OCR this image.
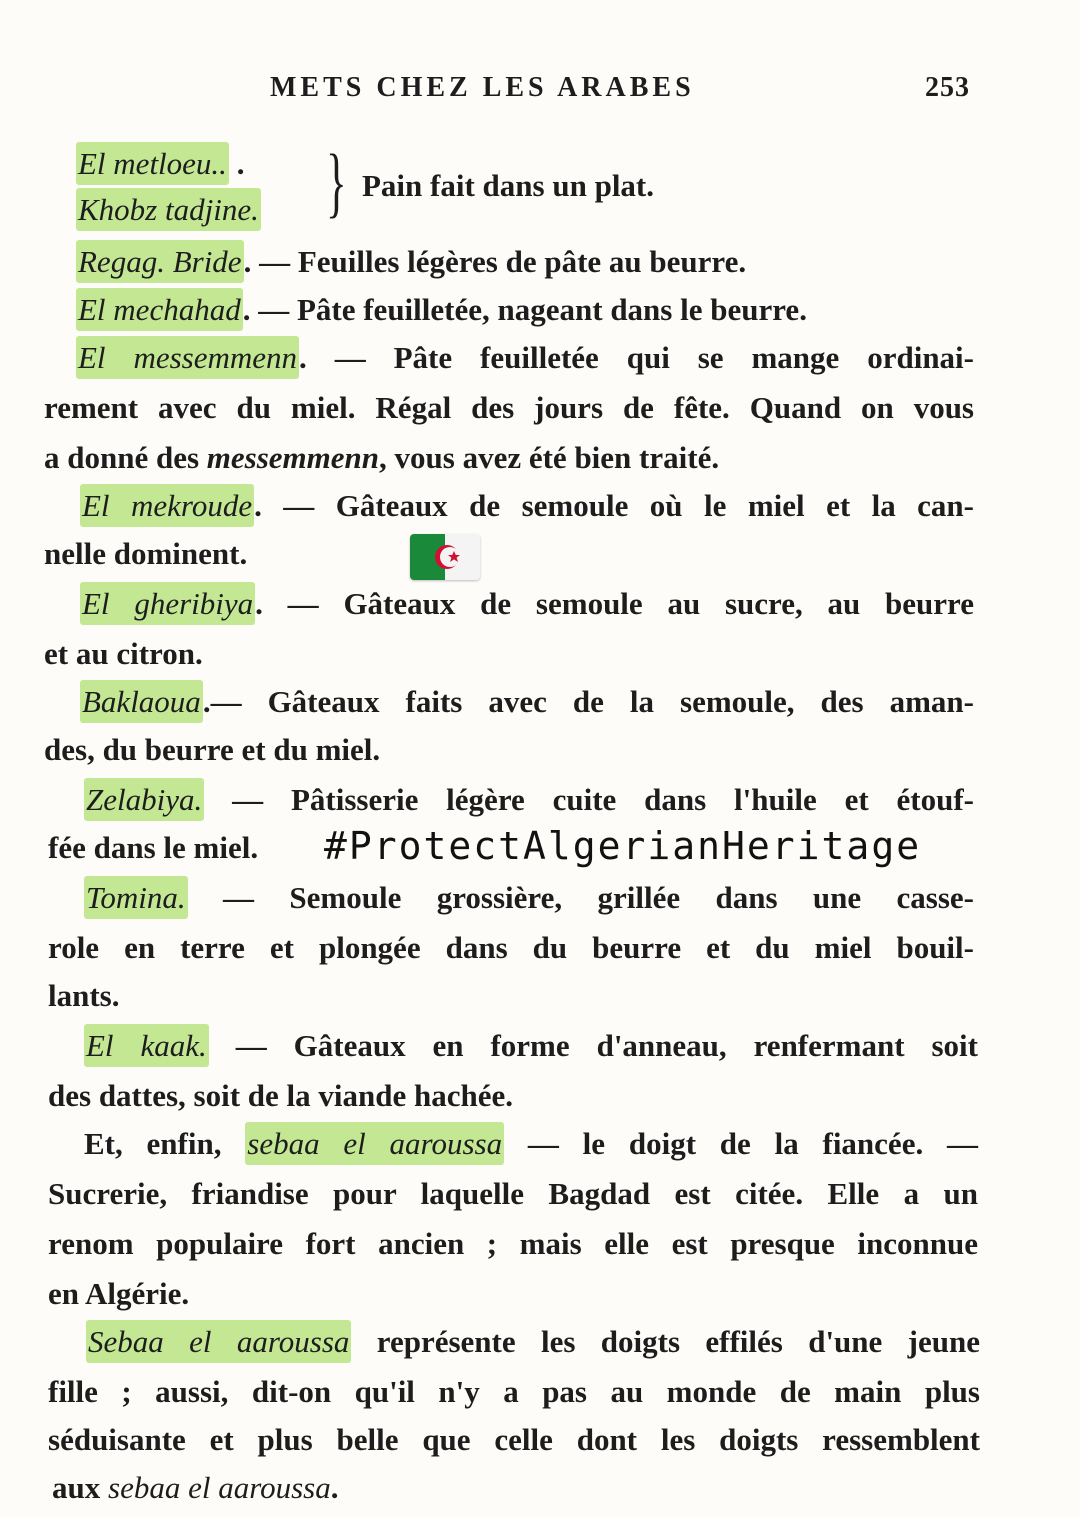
METS CHEZ LES ARABES	253
El metloeu.. .
Khobz tadjine. } Pain fait dans un plat.
Regag. Bride. — Feuilles légères de pâte au beurre.
El mechahad. — Pâte feuilletée, nageant dans le beurre.
El messemmenn. — Pâte feuilletée qui se mange ordinai-
rement avec du miel. Régal des jours de fête. Quand on vous
a donné des messemmenn, vous avez été bien traité.
El mekroude. — Gâteaux de semoule où le miel et la can-
nelle dominent.
El gheribiya. — Gâteaux de semoule au sucre, au beurre
et au citron.
Baklaoua.— Gâteaux faits avec de la semoule, des aman-
des, du beurre et du miel.
Zelabiya. — Pâtisserie légère cuite dans l'huile et étouf-
fée dans le miel.	#ProtectAlgerianHeritage
Tomina. — Semoule grossière, grillée dans une casse-
role en terre et plongée dans du beurre et du miel bouil-
lants.
El kaak. — Gâteaux en forme d'anneau, renfermant soit
des dattes, soit de la viande hachée.
Et, enfin, sebaa el aaroussa — le doigt de la fiancée. —
Sucrerie, friandise pour laquelle Bagdad est citée. Elle a un
renom populaire fort ancien ; mais elle est presque inconnue
en Algérie.
Sebaa el aaroussa représente les doigts effilés d'une jeune
fille ; aussi, dit-on qu'il n'y a pas au monde de main plus
séduisante et plus belle que celle dont les doigts ressemblent
aux sebaa el aaroussa.
